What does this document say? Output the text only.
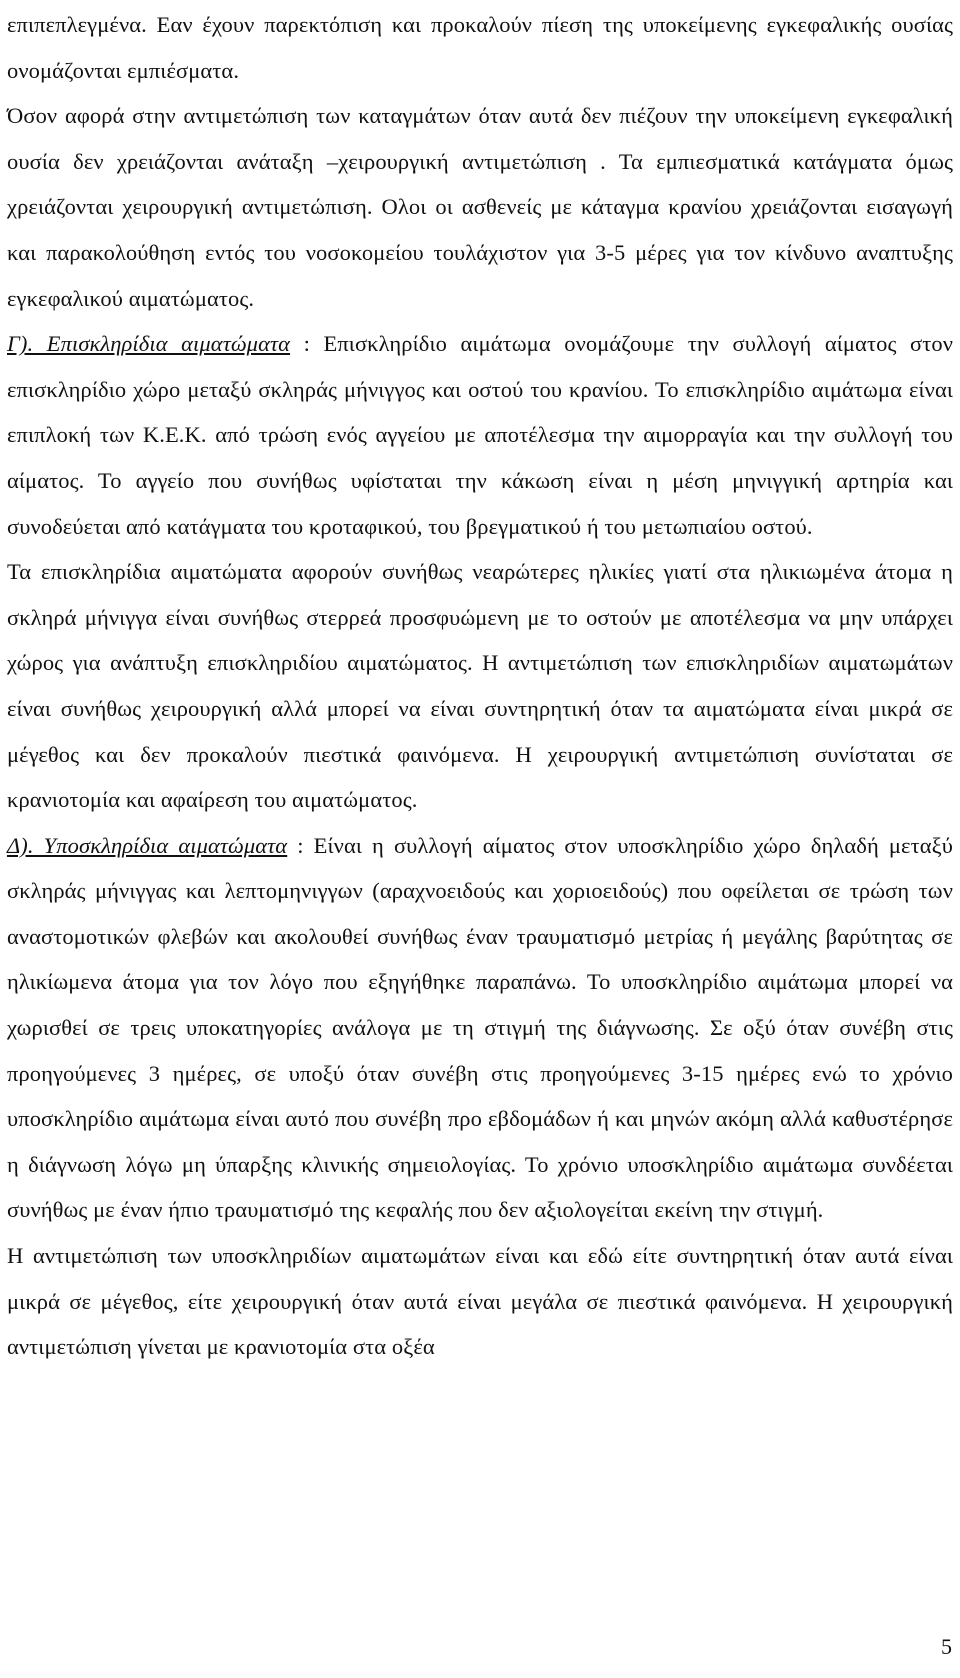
επιπεπλεγμένα. Εαν έχουν παρεκτόπιση και προκαλούν πίεση της υποκείμενης εγκεφαλικής ουσίας ονομάζονται εμπιέσματα.

Όσον αφορά στην αντιμετώπιση των καταγμάτων όταν αυτά δεν πιέζουν την υποκείμενη εγκεφαλική ουσία δεν χρειάζονται ανάταξη –χειρουργική αντιμετώπιση . Τα εμπιεσματικά κατάγματα όμως χρειάζονται χειρουργική αντιμετώπιση. Ολοι οι ασθενείς με κάταγμα κρανίου χρειάζονται εισαγωγή και παρακολούθηση εντός του νοσοκομείου τουλάχιστον για 3-5 μέρες για τον κίνδυνο αναπτυξης εγκεφαλικού αιματώματος.

Γ). Επισκληρίδια αιματώματα : Επισκληρίδιο αιμάτωμα ονομάζουμε την συλλογή αίματος στον επισκληρίδιο χώρο μεταξύ σκληράς μήνιγγος και οστού του κρανίου. Το επισκληρίδιο αιμάτωμα είναι επιπλοκή των Κ.Ε.Κ. από τρώση ενός αγγείου με αποτέλεσμα την αιμορραγία και την συλλογή του αίματος. Το αγγείο που συνήθως υφίσταται την κάκωση είναι η μέση μηνιγγική αρτηρία και συνοδεύεται από κατάγματα του κροταφικού, του βρεγματικού ή του μετωπιαίου οστού.

Τα επισκληρίδια αιματώματα αφορούν συνήθως νεαρώτερες ηλικίες γιατί στα ηλικιωμένα άτομα η σκληρά μήνιγγα είναι συνήθως στερρεά προσφυώμενη με το οστούν με αποτέλεσμα να μην υπάρχει χώρος για ανάπτυξη επισκληριδίου αιματώματος. Η αντιμετώπιση των επισκληριδίων αιματωμάτων είναι συνήθως χειρουργική αλλά μπορεί να είναι συντηρητική όταν τα αιματώματα είναι μικρά σε μέγεθος και δεν προκαλούν πιεστικά φαινόμενα. Η χειρουργική αντιμετώπιση συνίσταται σε κρανιοτομία και αφαίρεση του αιματώματος.

Δ). Υποσκληρίδια αιματώματα : Είναι η συλλογή αίματος στον υποσκληρίδιο χώρο δηλαδή μεταξύ σκληράς μήνιγγας και λεπτομηνιγγων (αραχνοειδούς και χοριοειδούς) που οφείλεται σε τρώση των αναστομοτικών φλεβών και ακολουθεί συνήθως έναν τραυματισμό μετρίας ή μεγάλης βαρύτητας σε ηλικίωμενα άτομα για τον λόγο που εξηγήθηκε παραπάνω. Το υποσκληρίδιο αιμάτωμα μπορεί να χωρισθεί σε τρεις υποκατηγορίες ανάλογα με τη στιγμή της διάγνωσης. Σε οξύ όταν συνέβη στις προηγούμενες 3 ημέρες, σε υποξύ όταν συνέβη στις προηγούμενες 3-15 ημέρες ενώ το χρόνιο υποσκληρίδιο αιμάτωμα είναι αυτό που συνέβη προ εβδομάδων ή και μηνών ακόμη αλλά καθυστέρησε η διάγνωση λόγω μη ύπαρξης κλινικής σημειολογίας. Το χρόνιο υποσκληρίδιο αιμάτωμα συνδέεται συνήθως με έναν ήπιο τραυματισμό της κεφαλής που δεν αξιολογείται εκείνη την στιγμή.

Η αντιμετώπιση των υποσκληριδίων αιματωμάτων είναι και εδώ είτε συντηρητική όταν αυτά είναι μικρά σε μέγεθος, είτε χειρουργική όταν αυτά είναι μεγάλα σε πιεστικά φαινόμενα. Η χειρουργική αντιμετώπιση γίνεται με κρανιοτομία στα οξέα

5
